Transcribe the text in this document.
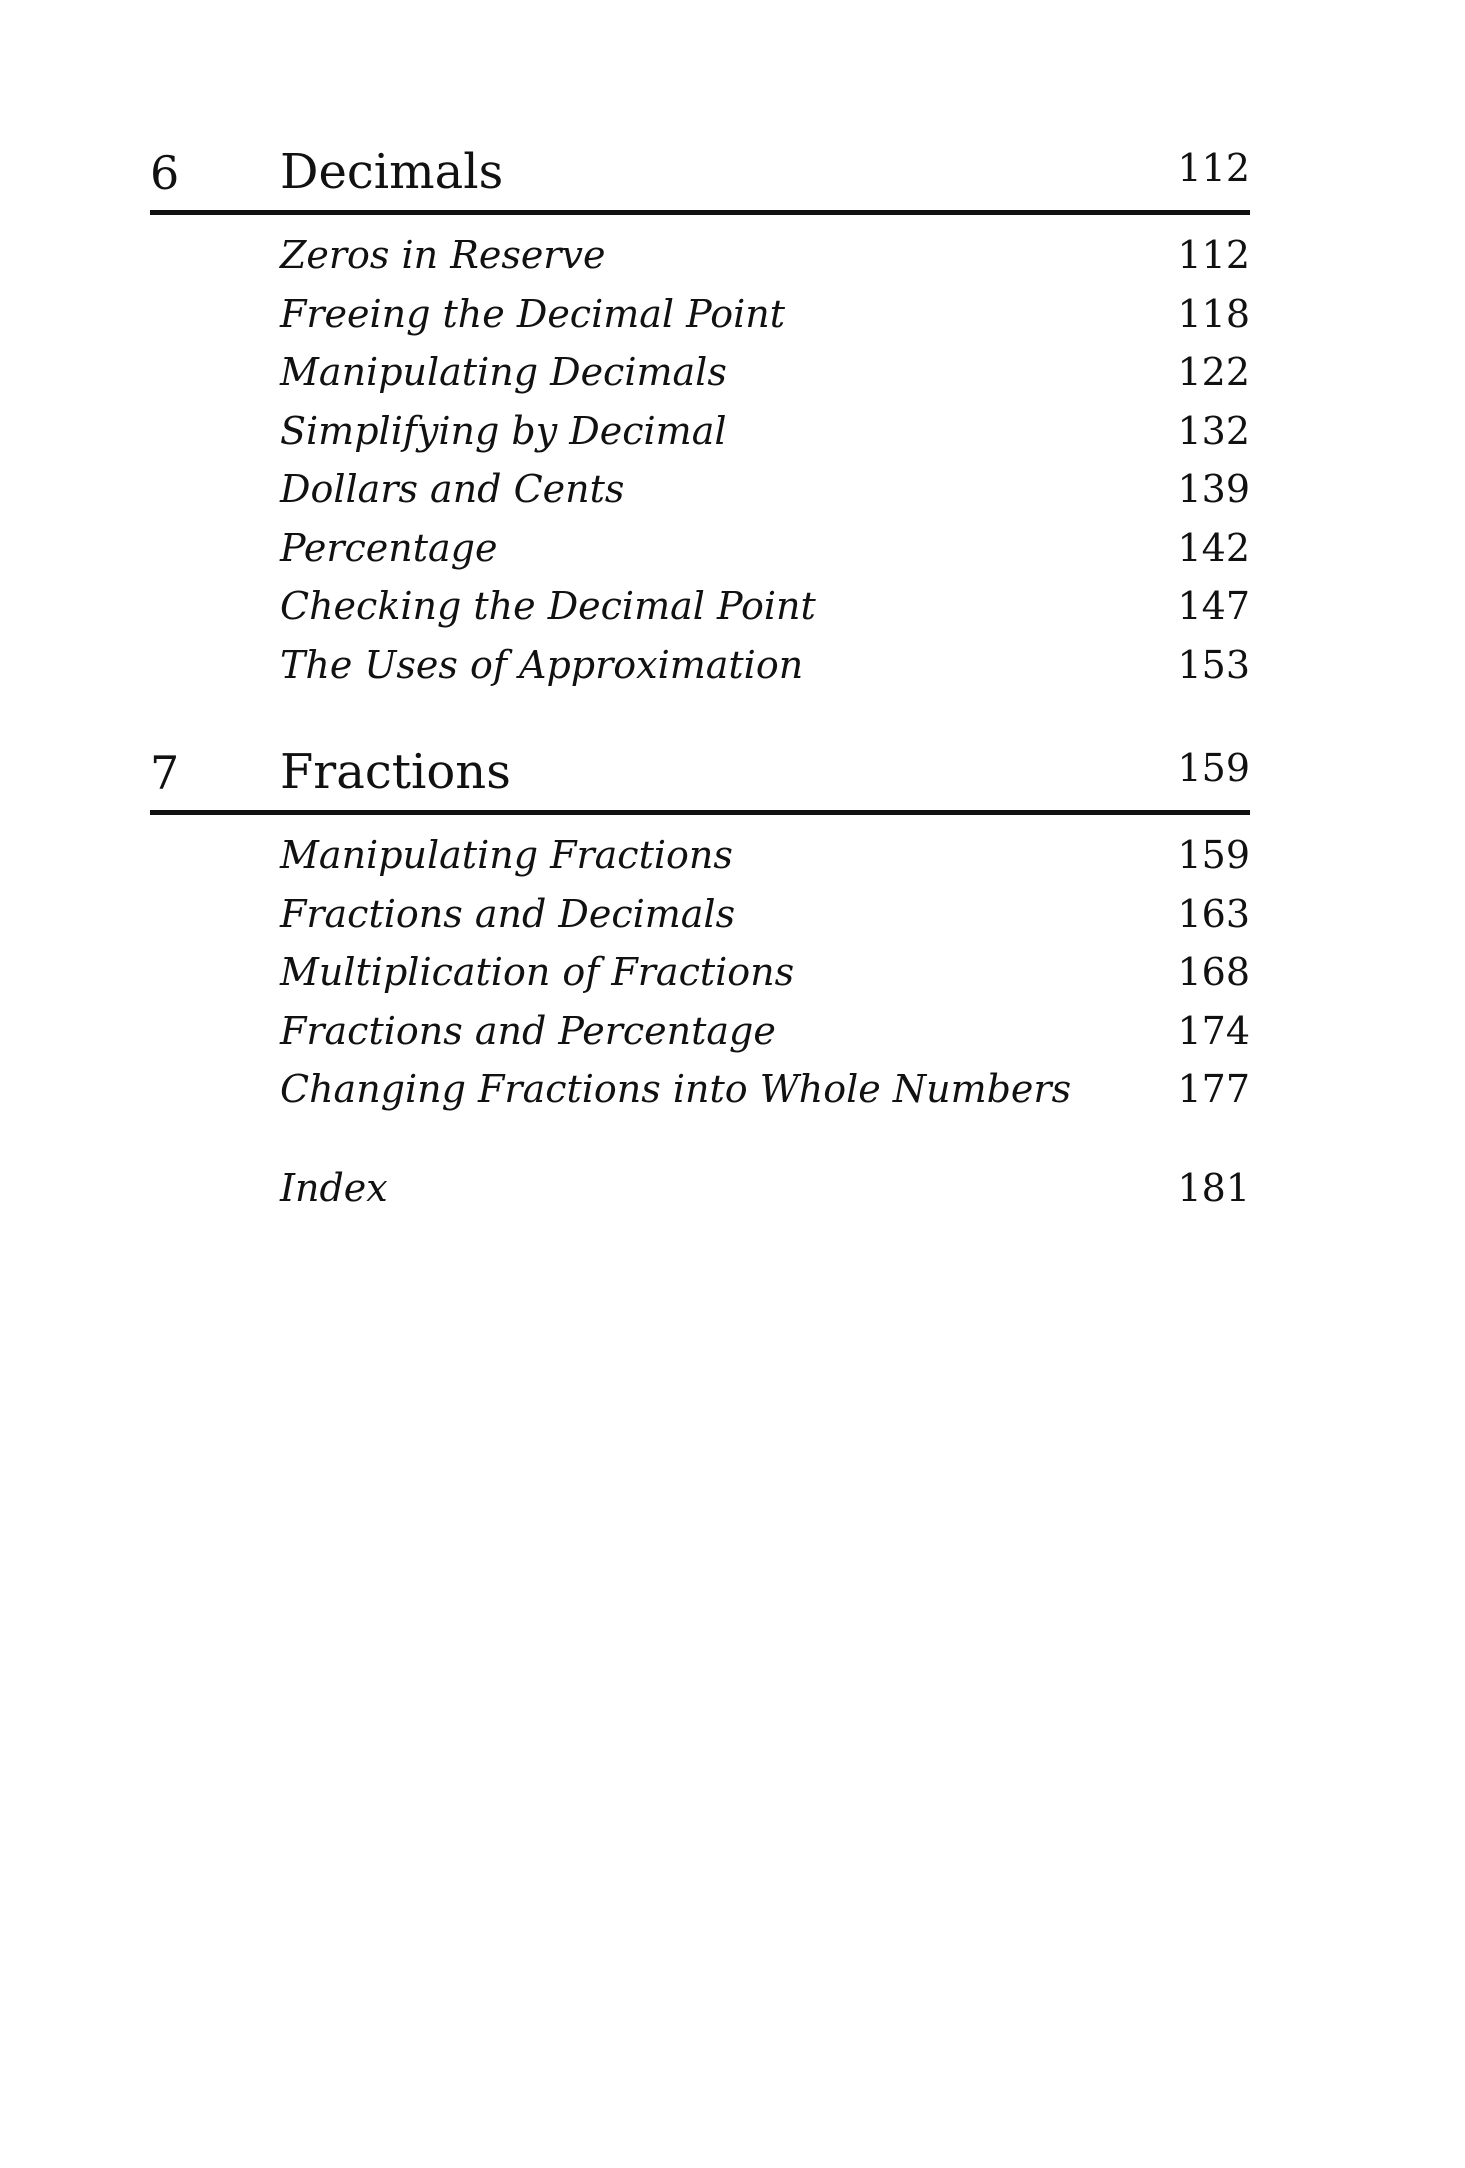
6 Decimals	112
Zeros in Reserve	112
Freeing the Decimal Point	118
Manipulating Decimals	122
Simplifying by Decimal	132
Dollars and Cents	139
Percentage	142
Checking the Decimal Point	147
The Uses of Approximation	153
7 Fractions	159
Manipulating Fractions	159
Fractions and Decimals	163
Multiplication of Fractions	168
Fractions and Percentage	174
Changing Fractions into Whole Numbers	177
Index	181
